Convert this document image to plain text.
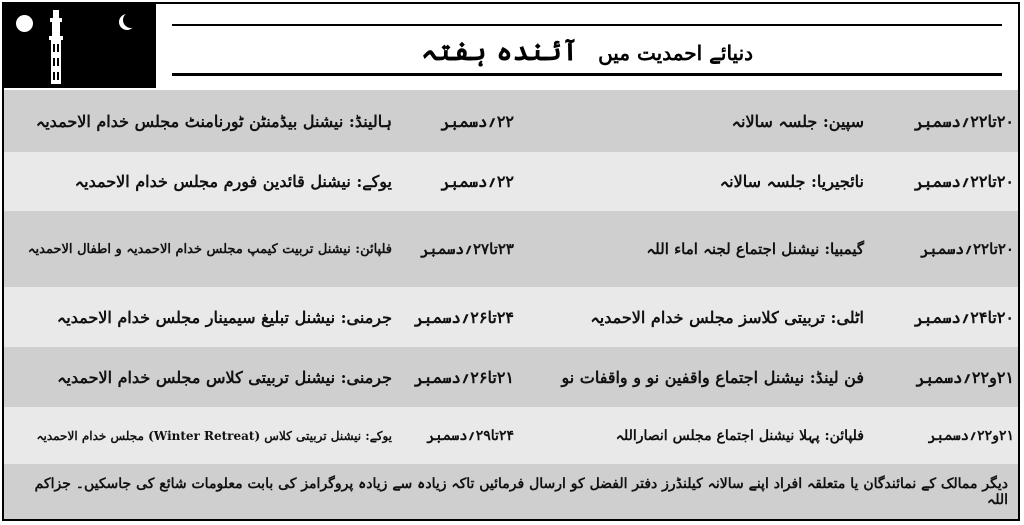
دنیائے احمدیت میں آئندہ ہفتہ
دیگر ممالک کے نمائندگان یا متعلقہ افراد اپنے سالانہ کیلنڈرز دفتر الفضل کو ارسال فرمائیں تاکہ زیادہ سے زیادہ پروگرامز کی بابت معلومات شائع کی جاسکیں۔ جزاکم اللہ
۲۰تا۲۲؍دسمبر
سپین: جلسہ سالانہ
۲۲؍دسمبر
ہالینڈ: نیشنل بیڈمنٹن ٹورنامنٹ مجلس خدام الاحمدیہ
۲۰تا۲۲؍دسمبر
نائجیریا: جلسہ سالانہ
۲۲؍دسمبر
یوکے: نیشنل قائدین فورم مجلس خدام الاحمدیہ
۲۰تا۲۲؍دسمبر
گیمبیا: نیشنل اجتماع لجنہ اماء اللہ
۲۳تا۲۷؍دسمبر
فلپائن: نیشنل تربیت کیمپ مجلس خدام الاحمدیہ و اطفال الاحمدیہ
۲۰تا۲۴؍دسمبر
اٹلی: تربیتی کلاسز مجلس خدام الاحمدیہ
۲۴تا۲۶؍دسمبر
جرمنی: نیشنل تبلیغ سیمینار مجلس خدام الاحمدیہ
۲۱و۲۲؍دسمبر
فن لینڈ: نیشنل اجتماع واقفین نو و واقفات نو
۲۱تا۲۶؍دسمبر
جرمنی: نیشنل تربیتی کلاس مجلس خدام الاحمدیہ
۲۱و۲۲؍دسمبر
فلپائن: پہلا نیشنل اجتماع مجلس انصاراللہ
۲۴تا۲۹؍دسمبر
یوکے: نیشنل تربیتی کلاس (Winter Retreat) مجلس خدام الاحمدیہ
